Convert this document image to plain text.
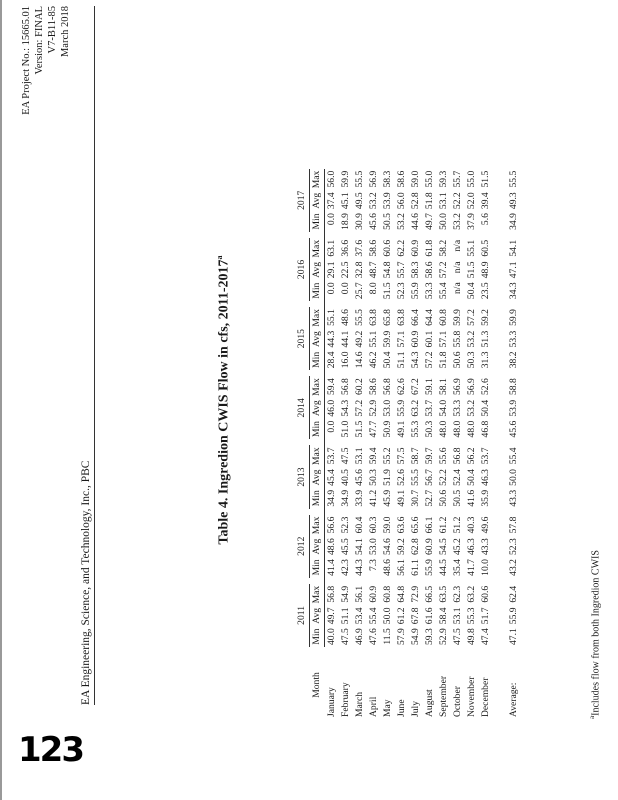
EA Engineering, Science, and Technology, Inc., PBC
EA Project No.: 15665.01 Version: FINAL V7-B11-85 March 2018
Table 4. Ingredion CWIS Flow in cfs, 2011-2017$^a$
	2011				2012				2013				2014				2015				2016				2017		
Month	Min	Avg	Max		Min	Avg	Max		Min	Avg	Max		Min	Avg	Max		Min	Avg	Max		Min	Avg	Max		Min	Avg	Max
January	40.0	49.7	56.8		41.4	48.6	56.6		34.9	45.4	53.7		0.0	46.0	59.4		28.4	44.3	55.1		0.0	29.1	63.1		0.0	37.4	56.0
February	47.5	51.1	54.9		42.3	45.5	52.3		34.9	40.5	47.5		51.0	54.3	56.8		16.0	44.1	48.6		0.0	22.5	36.6		18.9	45.1	59.9
March	46.9	53.4	56.1		44.3	54.1	60.4		33.9	45.6	53.1		51.5	57.2	60.2		14.6	49.2	55.5		25.7	32.8	37.6		30.9	49.5	55.5
April	47.6	55.4	60.9		7.3	53.0	60.3		41.2	50.3	59.4		47.7	52.9	58.6		46.2	55.1	63.8		8.0	48.7	58.6		45.6	53.2	56.9
May	11.5	50.0	60.8		48.6	54.6	59.0		45.9	51.9	55.2		50.9	53.0	56.8		50.4	59.9	65.8		51.5	54.8	60.6		50.5	53.9	58.3
June	57.9	61.2	64.8		56.1	59.2	63.6		49.1	52.6	57.5		49.1	55.9	62.6		51.1	57.1	63.8		52.3	55.7	62.2		53.2	56.0	58.6
July	54.9	67.8	72.9		61.1	62.8	65.6		30.7	55.5	58.7		55.3	63.2	67.2		54.3	60.9	66.4		55.9	58.3	60.9		44.6	52.8	59.0
August	59.3	61.6	66.5		55.9	60.9	66.1		52.7	56.7	59.7		50.3	53.7	59.1		57.2	60.1	64.4		53.3	58.6	61.8		49.7	51.8	55.0
September	52.9	58.4	63.5		44.5	54.5	61.2		50.6	52.2	55.6		48.0	54.0	58.1		51.8	57.1	60.8		55.4	57.2	58.2		50.0	53.1	59.3
October	47.5	53.1	62.3		35.4	45.2	51.2		50.5	52.4	56.8		48.0	53.3	56.9		50.6	55.8	59.9		n/a	n/a	n/a		53.2	52.2	55.7
November	49.8	55.3	63.2		41.7	46.3	40.3		41.6	50.4	56.2		48.0	53.2	56.9		50.3	53.2	57.2		50.4	51.5	55.1		37.9	52.0	55.0
December	47.4	51.7	60.6		10.0	43.3	49.6		35.9	46.3	53.7		46.8	50.4	52.6		31.3	51.3	59.2		23.5	48.9	60.5		5.6	39.4	51.5
Average:	47.1	55.9	62.4		43.2	52.3	57.8		43.3	50.0	55.4		45.6	53.9	58.8		38.2	53.3	59.9		34.3	47.1	54.1		34.9	49.3	55.5
$^a$Includes flow from both Ingredion CWIS
123
